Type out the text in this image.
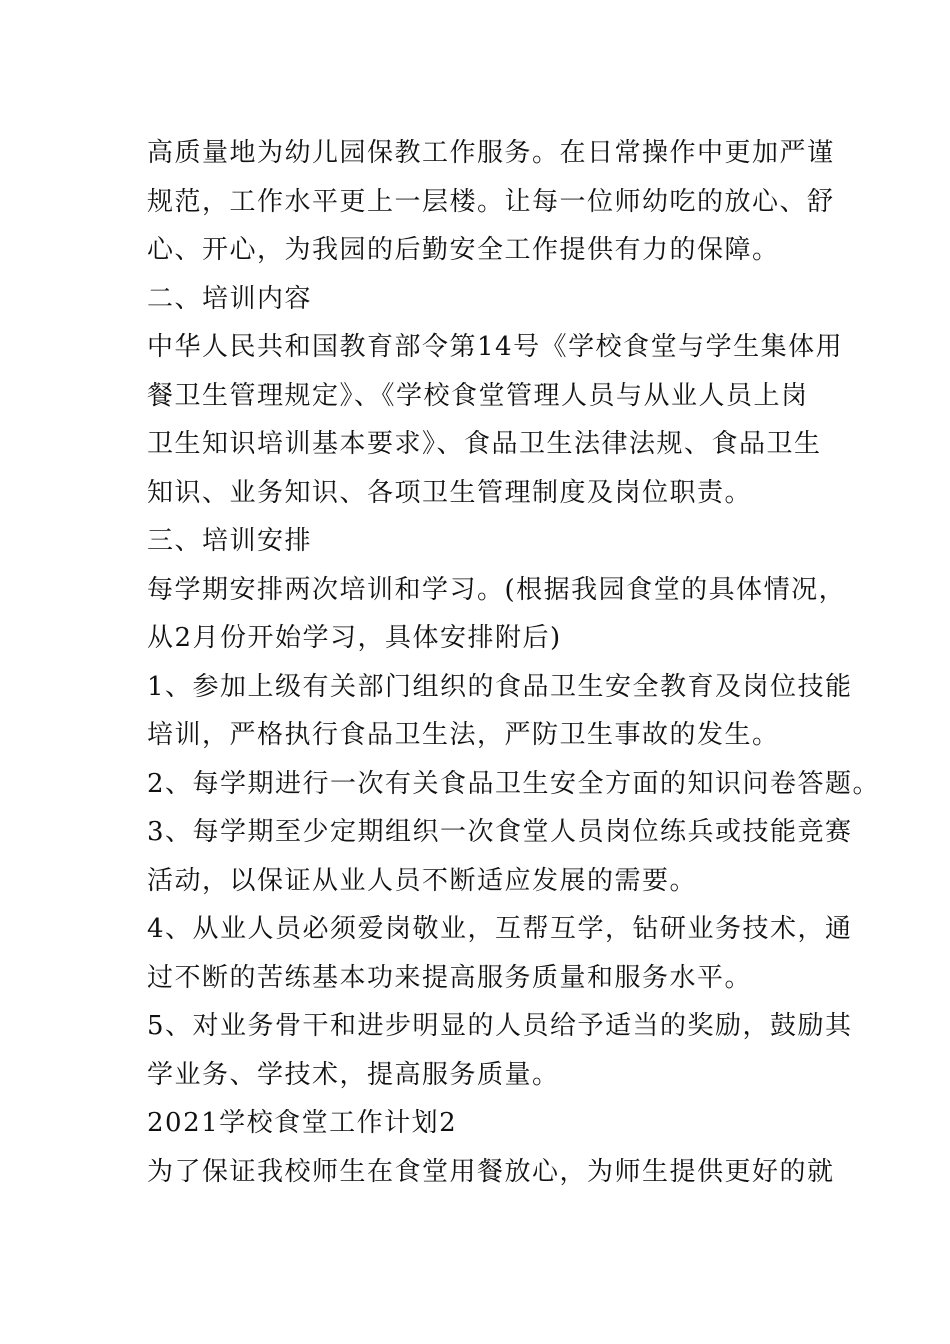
高质量地为幼儿园保教工作服务。在日常操作中更加严谨
规范，工作水平更上一层楼。让每一位师幼吃的放心、舒
心、开心，为我园的后勤安全工作提供有力的保障。
二、培训内容
中华人民共和国教育部令第14号《学校食堂与学生集体用
餐卫生管理规定》、《学校食堂管理人员与从业人员上岗
卫生知识培训基本要求》、食品卫生法律法规、食品卫生
知识、业务知识、各项卫生管理制度及岗位职责。
三、培训安排
每学期安排两次培训和学习。(根据我园食堂的具体情况，
从2月份开始学习，具体安排附后)
1、参加上级有关部门组织的食品卫生安全教育及岗位技能
培训，严格执行食品卫生法，严防卫生事故的发生。
2、每学期进行一次有关食品卫生安全方面的知识问卷答题。
3、每学期至少定期组织一次食堂人员岗位练兵或技能竞赛
活动，以保证从业人员不断适应发展的需要。
4、从业人员必须爱岗敬业，互帮互学，钻研业务技术，通
过不断的苦练基本功来提高服务质量和服务水平。
5、对业务骨干和进步明显的人员给予适当的奖励，鼓励其
学业务、学技术，提高服务质量。
2021学校食堂工作计划2
为了保证我校师生在食堂用餐放心，为师生提供更好的就
